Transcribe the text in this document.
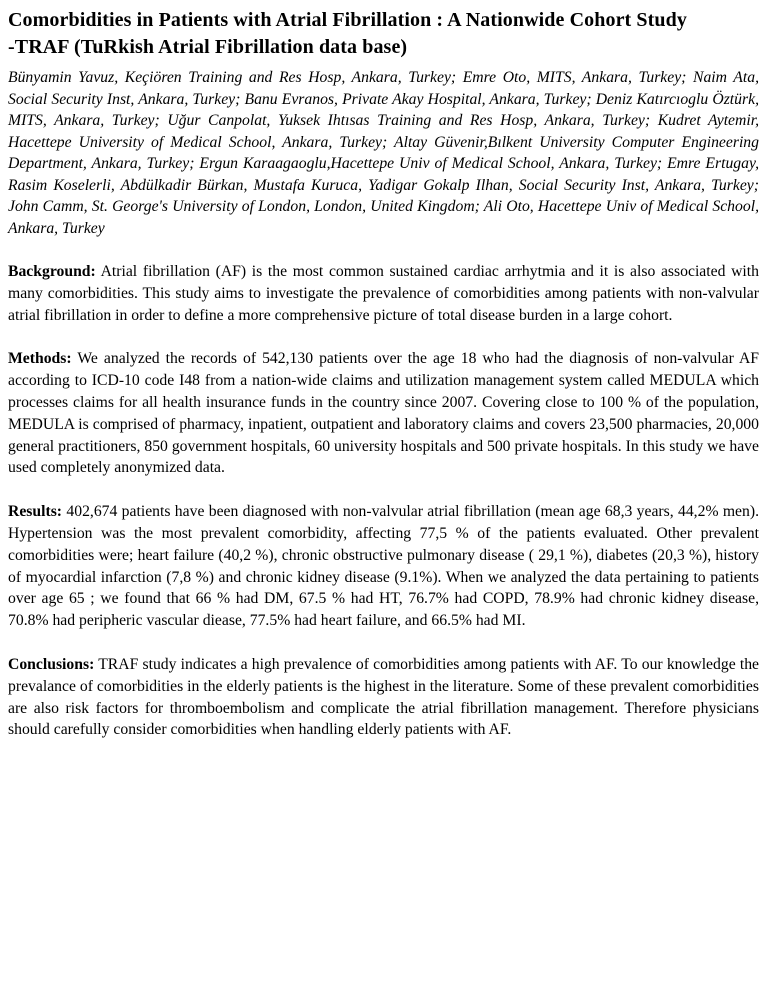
Comorbidities in Patients with Atrial Fibrillation : A Nationwide Cohort Study
-TRAF (TuRkish Atrial Fibrillation data base)

Bünyamin Yavuz, Keçiören Training and Res Hosp, Ankara, Turkey; Emre Oto, MITS, Ankara, Turkey; Naim Ata, Social Security Inst, Ankara, Turkey; Banu Evranos, Private Akay Hospital, Ankara, Turkey; Deniz Katırcıoglu Öztürk, MITS, Ankara, Turkey; Uğur Canpolat, Yuksek Ihtısas Training and Res Hosp, Ankara, Turkey; Kudret Aytemir, Hacettepe University of Medical School, Ankara, Turkey; Altay Güvenir,Bılkent University Computer Engineering Department, Ankara, Turkey; Ergun Karaagaoglu,Hacettepe Univ of Medical School, Ankara, Turkey; Emre Ertugay, Rasim Koselerli, Abdülkadir Bürkan, Mustafa Kuruca, Yadigar Gokalp Ilhan, Social Security Inst, Ankara, Turkey; John Camm, St. George's University of London, London, United Kingdom; Ali Oto, Hacettepe Univ of Medical School, Ankara, Turkey

Background: Atrial fibrillation (AF) is the most common sustained cardiac arrhytmia and it is also associated with many comorbidities. This study aims to investigate the prevalence of comorbidities among patients with non-valvular atrial fibrillation in order to define a more comprehensive picture of total disease burden in a large cohort.

Methods: We analyzed the records of 542,130 patients over the age 18 who had the diagnosis of non-valvular AF according to ICD-10 code I48 from a nation-wide claims and utilization management system called MEDULA which processes claims for all health insurance funds in the country since 2007. Covering close to 100 % of the population, MEDULA is comprised of pharmacy, inpatient, outpatient and laboratory claims and covers 23,500 pharmacies, 20,000 general practitioners, 850 government hospitals, 60 university hospitals and 500 private hospitals. In this study we have used completely anonymized data.

Results: 402,674 patients have been diagnosed with non-valvular atrial fibrillation (mean age 68,3 years, 44,2% men). Hypertension was the most prevalent comorbidity, affecting 77,5 % of the patients evaluated. Other prevalent comorbidities were; heart failure (40,2 %), chronic obstructive pulmonary disease ( 29,1 %), diabetes (20,3 %), history of myocardial infarction (7,8 %) and chronic kidney disease (9.1%). When we analyzed the data pertaining to patients over age 65 ; we found that 66 % had DM, 67.5 % had HT, 76.7% had COPD, 78.9% had chronic kidney disease, 70.8% had peripheric vascular diease, 77.5% had heart failure, and 66.5% had MI.

Conclusions: TRAF study indicates a high prevalence of comorbidities among patients with AF. To our knowledge the prevalance of comorbidities in the elderly patients is the highest in the literature. Some of these prevalent comorbidities are also risk factors for thromboembolism and complicate the atrial fibrillation management. Therefore physicians should carefully consider comorbidities when handling elderly patients with AF.
